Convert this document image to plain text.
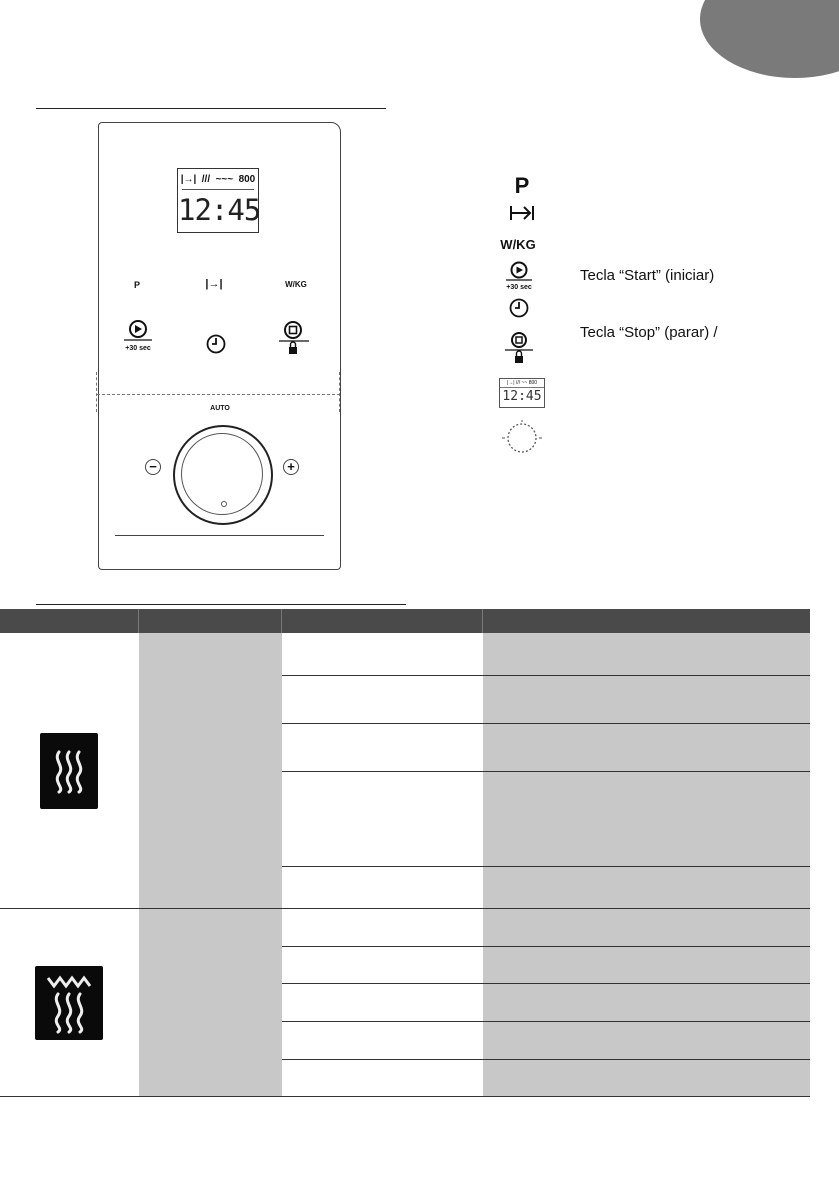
|→| /// ~~~ 800
12:45
P	|→|	W/KG
+30 sec
AUTO
−	+
P
W/KG
+30 sec
|→| /// ~~ 800
12:45
Tecla “Start” (iniciar)
Tecla “Stop” (parar) /
